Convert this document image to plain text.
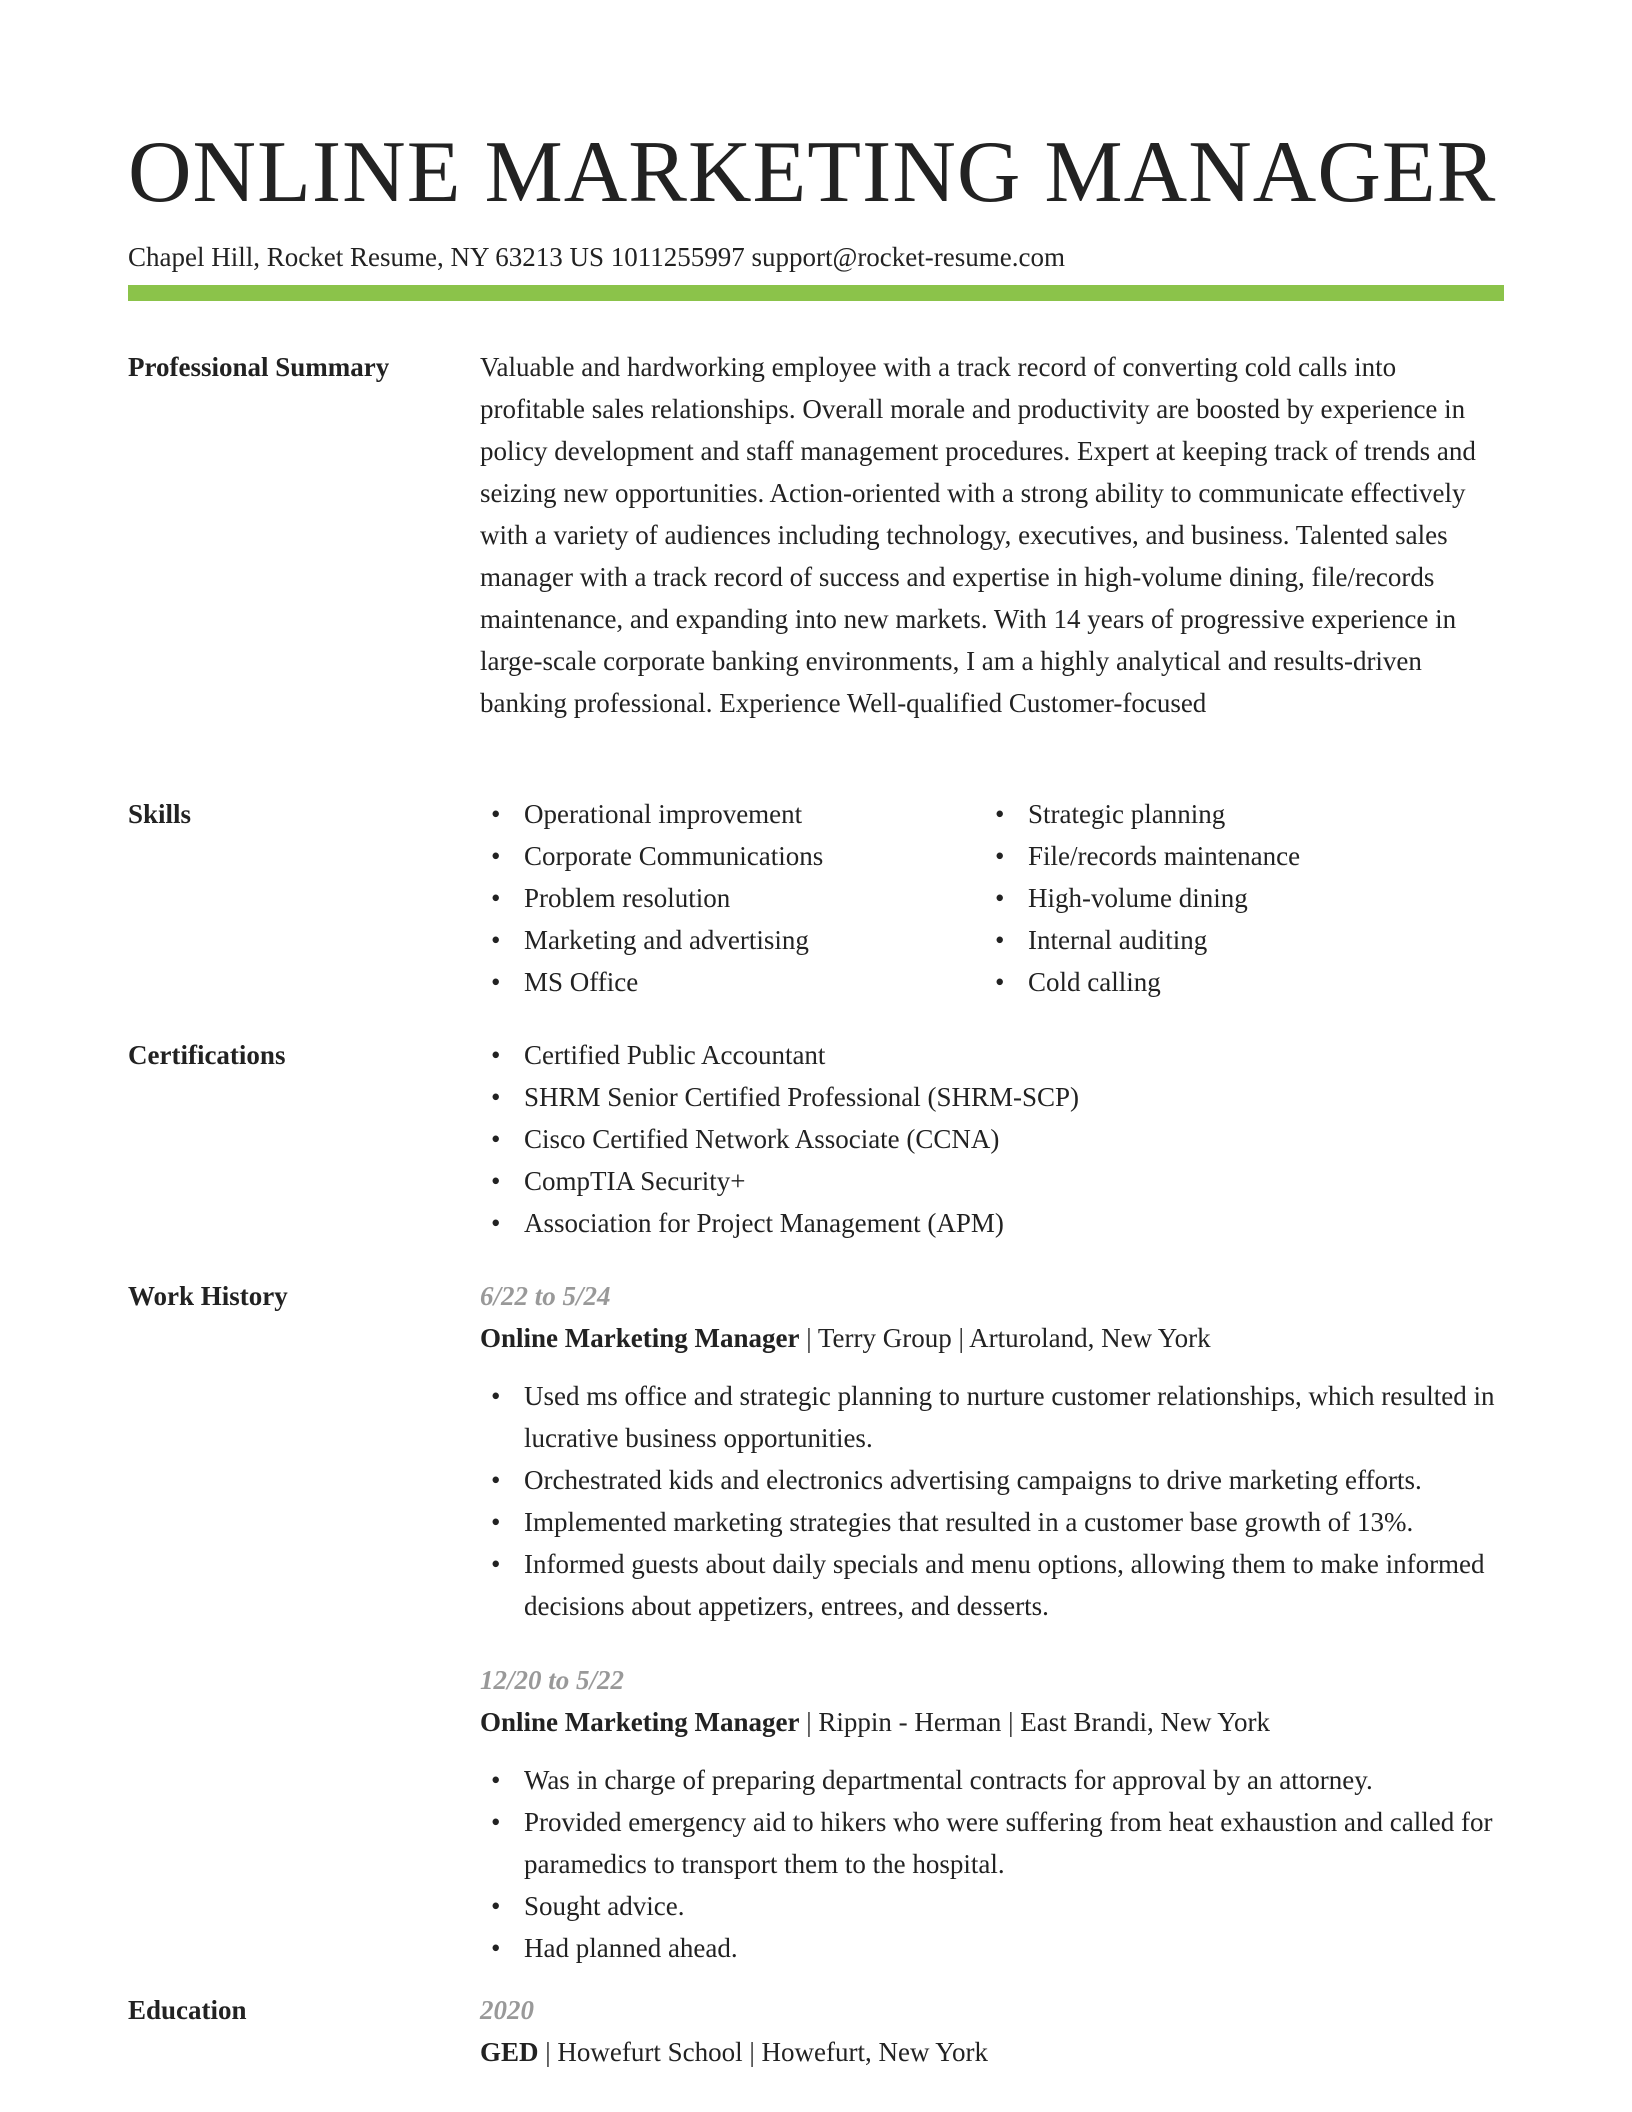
ONLINE MARKETING MANAGER
Chapel Hill, Rocket Resume, NY 63213 US 1011255997 support@rocket-resume.com
Professional Summary	Valuable and hardworking employee with a track record of converting cold calls into profitable sales relationships. Overall morale and productivity are boosted by experience in policy development and staff management procedures. Expert at keeping track of trends and seizing new opportunities. Action-oriented with a strong ability to communicate effectively with a variety of audiences including technology, executives, and business. Talented sales manager with a track record of success and expertise in high-volume dining, file/records maintenance, and expanding into new markets. With 14 years of progressive experience in large-scale corporate banking environments, I am a highly analytical and results-driven banking professional. Experience Well-qualified Customer-focused

Skills	• Operational improvement
• Corporate Communications
• Problem resolution
• Marketing and advertising
• MS Office
• Strategic planning
• File/records maintenance
• High-volume dining
• Internal auditing
• Cold calling
Certifications	• Certified Public Accountant
• SHRM Senior Certified Professional (SHRM-SCP)
• Cisco Certified Network Associate (CCNA)
• CompTIA Security+
• Association for Project Management (APM)
Work History	6/22 to 5/24
Online Marketing Manager | Terry Group | Arturoland, New York
• Used ms office and strategic planning to nurture customer relationships, which resulted in lucrative business opportunities.
• Orchestrated kids and electronics advertising campaigns to drive marketing efforts.
• Implemented marketing strategies that resulted in a customer base growth of 13%.
• Informed guests about daily specials and menu options, allowing them to make informed decisions about appetizers, entrees, and desserts.
12/20 to 5/22
Online Marketing Manager | Rippin - Herman | East Brandi, New York
• Was in charge of preparing departmental contracts for approval by an attorney.
• Provided emergency aid to hikers who were suffering from heat exhaustion and called for paramedics to transport them to the hospital.
• Sought advice.
• Had planned ahead.
Education	2020
GED | Howefurt School | Howefurt, New York
